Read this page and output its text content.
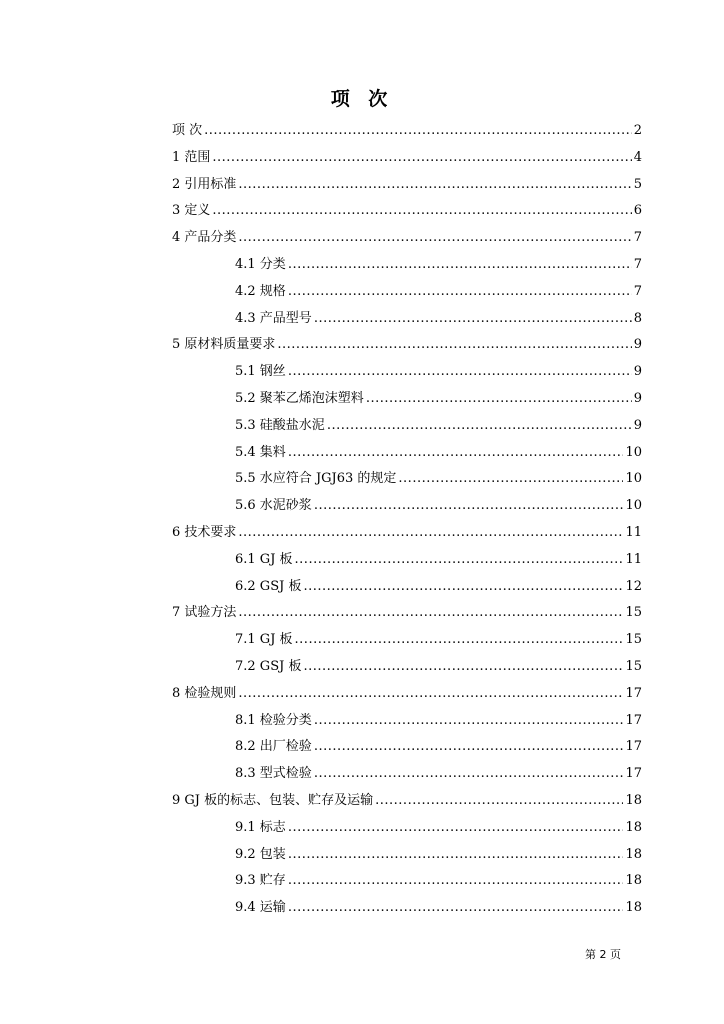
项 次
项 次 .....	2
1 范围 .....	4
2 引用标准 .....	5
3 定义 .....	6
4 产品分类 .....	7
4.1 分类 .....	7
4.2 规格 .....	7
4.3 产品型号 .....	8
5 原材料质量要求 .....	9
5.1 钢丝 .....	9
5.2 聚苯乙烯泡沫塑料 .....	9
5.3 硅酸盐水泥 .....	9
5.4 集料 .....	10
5.5 水应符合 JGJ63 的规定 .....	10
5.6 水泥砂浆 .....	10
6 技术要求 .....	11
6.1 GJ 板 .....	11
6.2 GSJ 板 .....	12
7 试验方法 .....	15
7.1 GJ 板 .....	15
7.2 GSJ 板 .....	15
8 检验规则 .....	17
8.1 检验分类 .....	17
8.2 出厂检验 .....	17
8.3 型式检验 .....	17
9 GJ 板的标志、包装、贮存及运输 .....	18
9.1 标志 .....	18
9.2 包装 .....	18
9.3 贮存 .....	18
9.4 运输 .....	18
第 2 页
